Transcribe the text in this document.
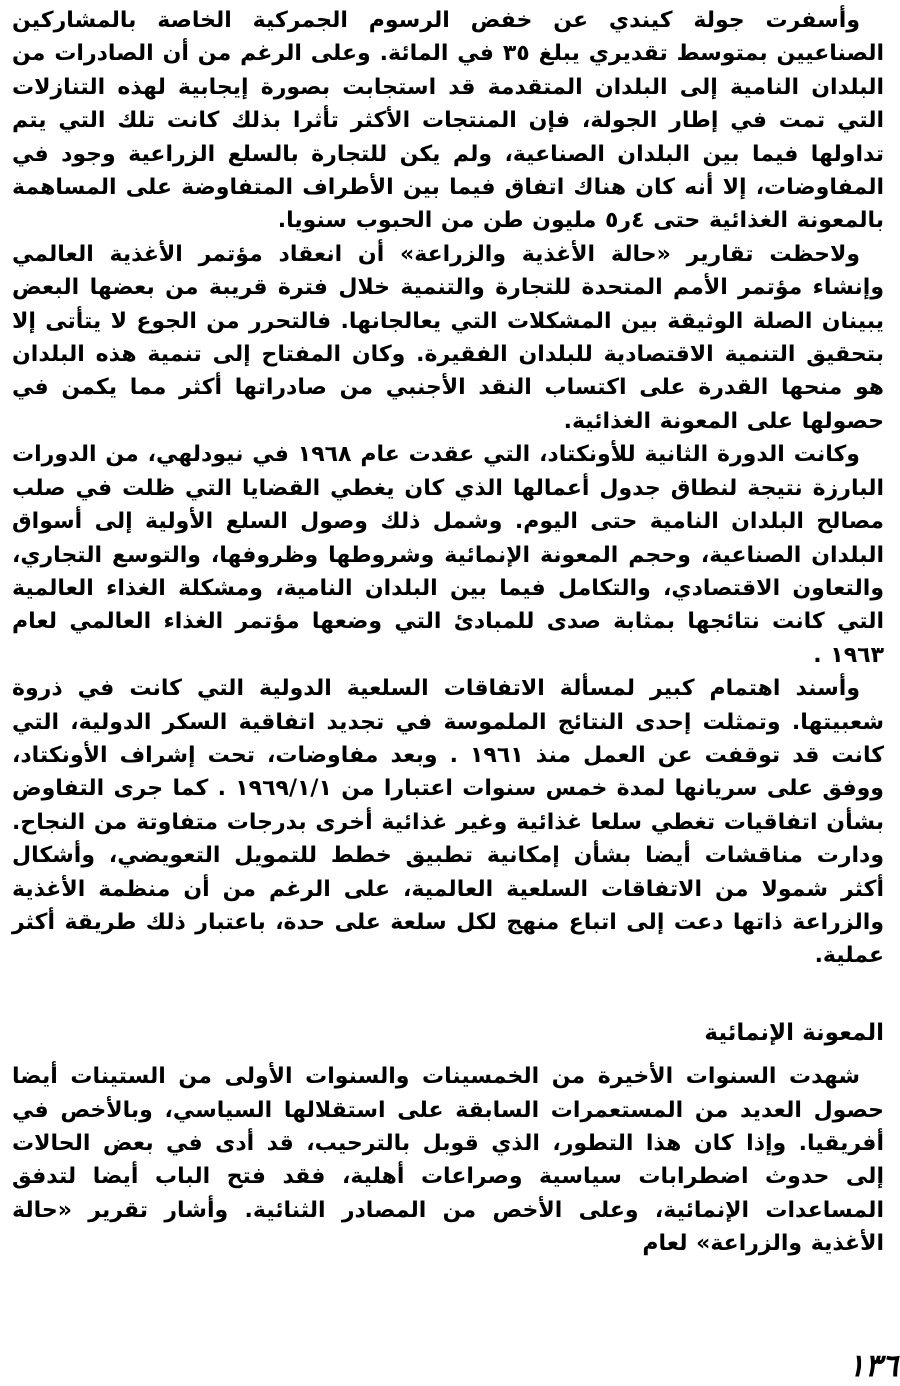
وأسفرت جولة كيندي عن خفض الرسوم الجمركية الخاصة بالمشاركين الصناعيين بمتوسط تقديري يبلغ ٣٥ في المائة. وعلى الرغم من أن الصادرات من البلدان النامية إلى البلدان المتقدمة قد استجابت بصورة إيجابية لهذه التنازلات التي تمت في إطار الجولة، فإن المنتجات الأكثر تأثرا بذلك كانت تلك التي يتم تداولها فيما بين البلدان الصناعية، ولم يكن للتجارة بالسلع الزراعية وجود في المفاوضات، إلا أنه كان هناك اتفاق فيما بين الأطراف المتفاوضة على المساهمة بالمعونة الغذائية حتى ٤ر٥ مليون طن من الحبوب سنويا.

ولاحظت تقارير «حالة الأغذية والزراعة» أن انعقاد مؤتمر الأغذية العالمي وإنشاء مؤتمر الأمم المتحدة للتجارة والتنمية خلال فترة قريبة من بعضها البعض يبينان الصلة الوثيقة بين المشكلات التي يعالجانها. فالتحرر من الجوع لا يتأتى إلا بتحقيق التنمية الاقتصادية للبلدان الفقيرة. وكان المفتاح إلى تنمية هذه البلدان هو منحها القدرة على اكتساب النقد الأجنبي من صادراتها أكثر مما يكمن في حصولها على المعونة الغذائية.

وكانت الدورة الثانية للأونكتاد، التي عقدت عام ١٩٦٨ في نيودلهي، من الدورات البارزة نتيجة لنطاق جدول أعمالها الذي كان يغطي القضايا التي ظلت في صلب مصالح البلدان النامية حتى اليوم. وشمل ذلك وصول السلع الأولية إلى أسواق البلدان الصناعية، وحجم المعونة الإنمائية وشروطها وظروفها، والتوسع التجاري، والتعاون الاقتصادي، والتكامل فيما بين البلدان النامية، ومشكلة الغذاء العالمية التي كانت نتائجها بمثابة صدى للمبادئ التي وضعها مؤتمر الغذاء العالمي لعام ١٩٦٣ .

وأسند اهتمام كبير لمسألة الاتفاقات السلعية الدولية التي كانت في ذروة شعبيتها. وتمثلت إحدى النتائج الملموسة في تجديد اتفاقية السكر الدولية، التي كانت قد توقفت عن العمل منذ ١٩٦١ . وبعد مفاوضات، تحت إشراف الأونكتاد، ووفق على سريانها لمدة خمس سنوات اعتبارا من ١٩٦٩/١/١ . كما جرى التفاوض بشأن اتفاقيات تغطي سلعا غذائية وغير غذائية أخرى بدرجات متفاوتة من النجاح. ودارت مناقشات أيضا بشأن إمكانية تطبيق خطط للتمويل التعويضي، وأشكال أكثر شمولا من الاتفاقات السلعية العالمية، على الرغم من أن منظمة الأغذية والزراعة ذاتها دعت إلى اتباع منهج لكل سلعة على حدة، باعتبار ذلك طريقة أكثر عملية.

المعونة الإنمائية

شهدت السنوات الأخيرة من الخمسينات والسنوات الأولى من الستينات أيضا حصول العديد من المستعمرات السابقة على استقلالها السياسي، وبالأخص في أفريقيا. وإذا كان هذا التطور، الذي قوبل بالترحيب، قد أدى في بعض الحالات إلى حدوث اضطرابات سياسية وصراعات أهلية، فقد فتح الباب أيضا لتدفق المساعدات الإنمائية، وعلى الأخص من المصادر الثنائية. وأشار تقرير «حالة الأغذية والزراعة» لعام

١٣٦
